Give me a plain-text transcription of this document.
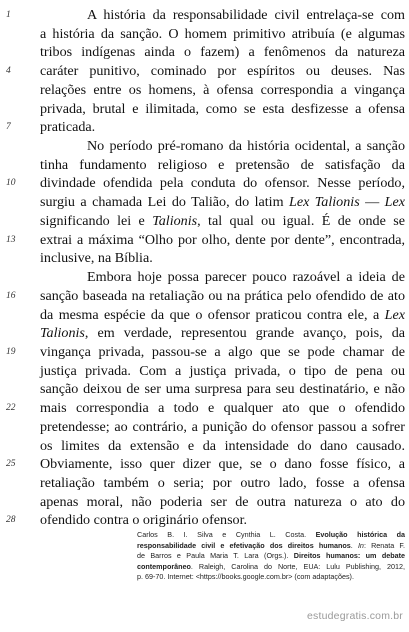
1	A história da responsabilidade civil entrelaça-se com
a história da sanção. O homem primitivo atribuía (e algumas
tribos indígenas ainda o fazem) a fenômenos da natureza
4	caráter punitivo, cominado por espíritos ou deuses. Nas
relações entre os homens, à ofensa correspondia a vingança
privada, brutal e ilimitada, como se esta desfizesse a ofensa
7	praticada.
No período pré-romano da história ocidental, a sanção
tinha fundamento religioso e pretensão de satisfação da
10	divindade ofendida pela conduta do ofensor. Nesse período,
surgiu a chamada Lei do Talião, do latim Lex Talionis — Lex
significando lei e Talionis, tal qual ou igual. É de onde se
13	extrai a máxima “Olho por olho, dente por dente”, encontrada,
inclusive, na Bíblia.
Embora hoje possa parecer pouco razoável a ideia de
16	sanção baseada na retaliação ou na prática pelo ofendido de ato
da mesma espécie da que o ofensor praticou contra ele, a Lex
Talionis, em verdade, representou grande avanço, pois, da
19	vingança privada, passou-se a algo que se pode chamar de
justiça privada. Com a justiça privada, o tipo de pena ou
sanção deixou de ser uma surpresa para seu destinatário, e não
22	mais correspondia a todo e qualquer ato que o ofendido
pretendesse; ao contrário, a punição do ofensor passou a sofrer
os limites da extensão e da intensidade do dano causado.
25	Obviamente, isso quer dizer que, se o dano fosse físico, a
retaliação também o seria; por outro lado, fosse a ofensa
apenas moral, não poderia ser de outra natureza o ato do
28	ofendido contra o originário ofensor.
Carlos B. I. Silva e Cynthia L. Costa. Evolução histórica da
responsabilidade civil e efetivação dos direitos humanos. In: Renata F.
de Barros e Paula Maria T. Lara (Orgs.). Direitos humanos: um debate
contemporâneo. Raleigh, Carolina do Norte, EUA: Lulu Publishing, 2012,
p. 69-70. Internet: <https://books.google.com.br> (com adaptações).
estudegratis.com.br
